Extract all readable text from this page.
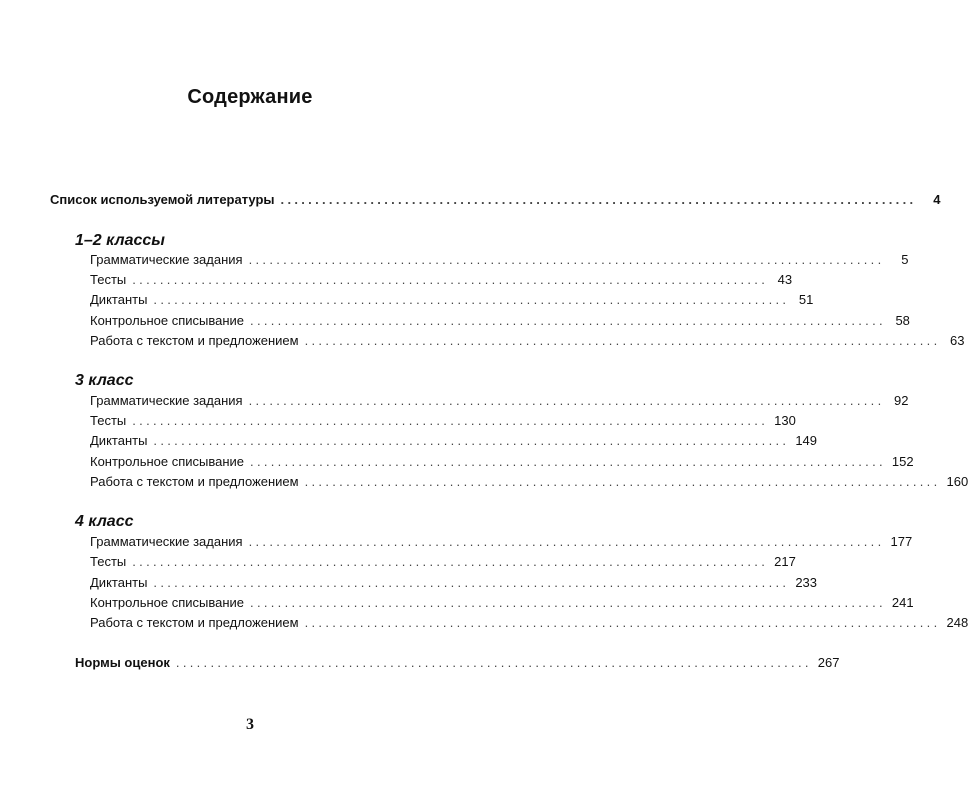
Содержание
Список используемой литературы ............................................................................................	4
1–2 классы
Грамматические задания ............................................................................................	5
Тесты ............................................................................................ 43
Диктанты ............................................................................................ 51
Контрольное списывание ............................................................................................ 58
Работа с текстом и предложением ............................................................................................ 63
3 класс
Грамматические задания ............................................................................................ 92
Тесты ............................................................................................ 130
Диктанты ............................................................................................ 149
Контрольное списывание ............................................................................................ 152
Работа с текстом и предложением ............................................................................................ 160
4 класс
Грамматические задания ............................................................................................ 177
Тесты ............................................................................................ 217
Диктанты ............................................................................................ 233
Контрольное списывание ............................................................................................ 241
Работа с текстом и предложением ............................................................................................ 248
Нормы оценок ............................................................................................ 267
3
